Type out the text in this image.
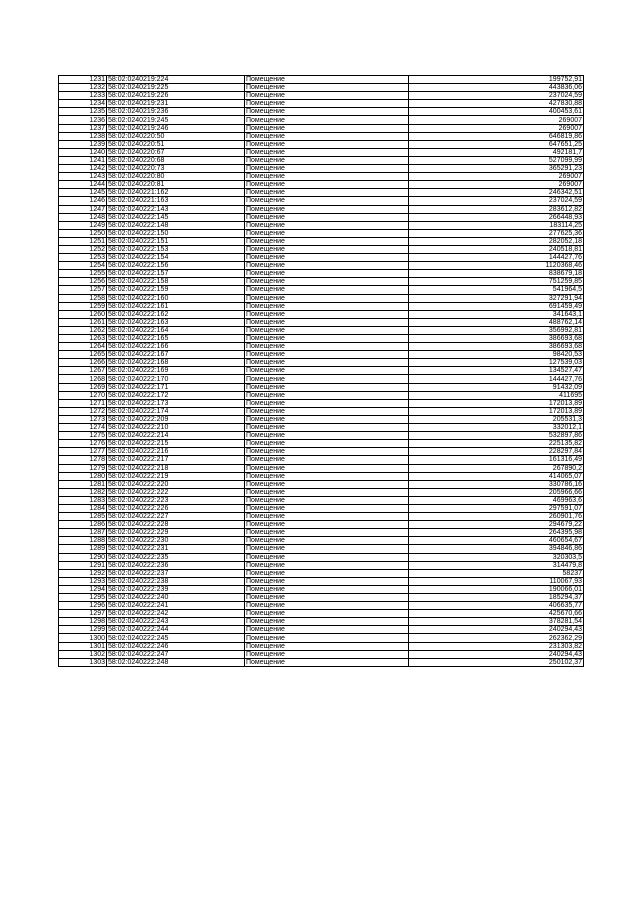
1231	58:02:0240219:224	Помещение	199752,91
1232	58:02:0240219:225	Помещение	443836,06
1233	58:02:0240219:226	Помещение	237024,59
1234	58:02:0240219:231	Помещение	427830,88
1235	58:02:0240219:236	Помещение	400453,61
1236	58:02:0240219:245	Помещение	269007
1237	58:02:0240219:246	Помещение	269007
1238	58:02:0240220:50	Помещение	646819,86
1239	58:02:0240220:51	Помещение	647651,25
1240	58:02:0240220:67	Помещение	492181,7
1241	58:02:0240220:68	Помещение	527099,99
1242	58:02:0240220:73	Помещение	365291,23
1243	58:02:0240220:80	Помещение	269007
1244	58:02:0240220:81	Помещение	269007
1245	58:02:0240221:162	Помещение	246342,51
1246	58:02:0240221:163	Помещение	237024,59
1247	58:02:0240222:143	Помещение	283612,82
1248	58:02:0240222:145	Помещение	266448,93
1249	58:02:0240222:148	Помещение	183114,25
1250	58:02:0240222:150	Помещение	277625,36
1251	58:02:0240222:151	Помещение	282052,18
1252	58:02:0240222:153	Помещение	240518,81
1253	58:02:0240222:154	Помещение	144427,76
1254	58:02:0240222:156	Помещение	1120368,46
1255	58:02:0240222:157	Помещение	838679,18
1256	58:02:0240222:158	Помещение	751259,85
1257	58:02:0240222:159	Помещение	541964,5
1258	58:02:0240222:160	Помещение	327291,94
1259	58:02:0240222:161	Помещение	691459,49
1260	58:02:0240222:162	Помещение	341643,1
1261	58:02:0240222:163	Помещение	488762,14
1262	58:02:0240222:164	Помещение	356992,81
1263	58:02:0240222:165	Помещение	386693,68
1264	58:02:0240222:166	Помещение	386693,68
1265	58:02:0240222:167	Помещение	98420,53
1266	58:02:0240222:168	Помещение	127539,03
1267	58:02:0240222:169	Помещение	134527,47
1268	58:02:0240222:170	Помещение	144427,76
1269	58:02:0240222:171	Помещение	91432,09
1270	58:02:0240222:172	Помещение	411695
1271	58:02:0240222:173	Помещение	172013,89
1272	58:02:0240222:174	Помещение	172013,89
1273	58:02:0240222:209	Помещение	205531,3
1274	58:02:0240222:210	Помещение	332012,1
1275	58:02:0240222:214	Помещение	532897,86
1276	58:02:0240222:215	Помещение	225135,82
1277	58:02:0240222:216	Помещение	228297,84
1278	58:02:0240222:217	Помещение	161316,49
1279	58:02:0240222:218	Помещение	267890,2
1280	58:02:0240222:219	Помещение	414065,07
1281	58:02:0240222:220	Помещение	330786,16
1282	58:02:0240222:222	Помещение	205966,66
1283	58:02:0240222:223	Помещение	469963,6
1284	58:02:0240222:226	Помещение	297591,07
1285	58:02:0240222:227	Помещение	260901,76
1286	58:02:0240222:228	Помещение	294679,22
1287	58:02:0240222:229	Помещение	264395,98
1288	58:02:0240222:230	Помещение	460654,67
1289	58:02:0240222:231	Помещение	394846,86
1290	58:02:0240222:235	Помещение	320303,5
1291	58:02:0240222:236	Помещение	314479,8
1292	58:02:0240222:237	Помещение	58237
1293	58:02:0240222:238	Помещение	110067,93
1294	58:02:0240222:239	Помещение	190066,01
1295	58:02:0240222:240	Помещение	185294,37
1296	58:02:0240222:241	Помещение	406635,77
1297	58:02:0240222:242	Помещение	425670,66
1298	58:02:0240222:243	Помещение	378281,54
1299	58:02:0240222:244	Помещение	240294,43
1300	58:02:0240222:245	Помещение	262362,29
1301	58:02:0240222:246	Помещение	231303,82
1302	58:02:0240222:247	Помещение	240294,43
1303	58:02:0240222:248	Помещение	250102,37
